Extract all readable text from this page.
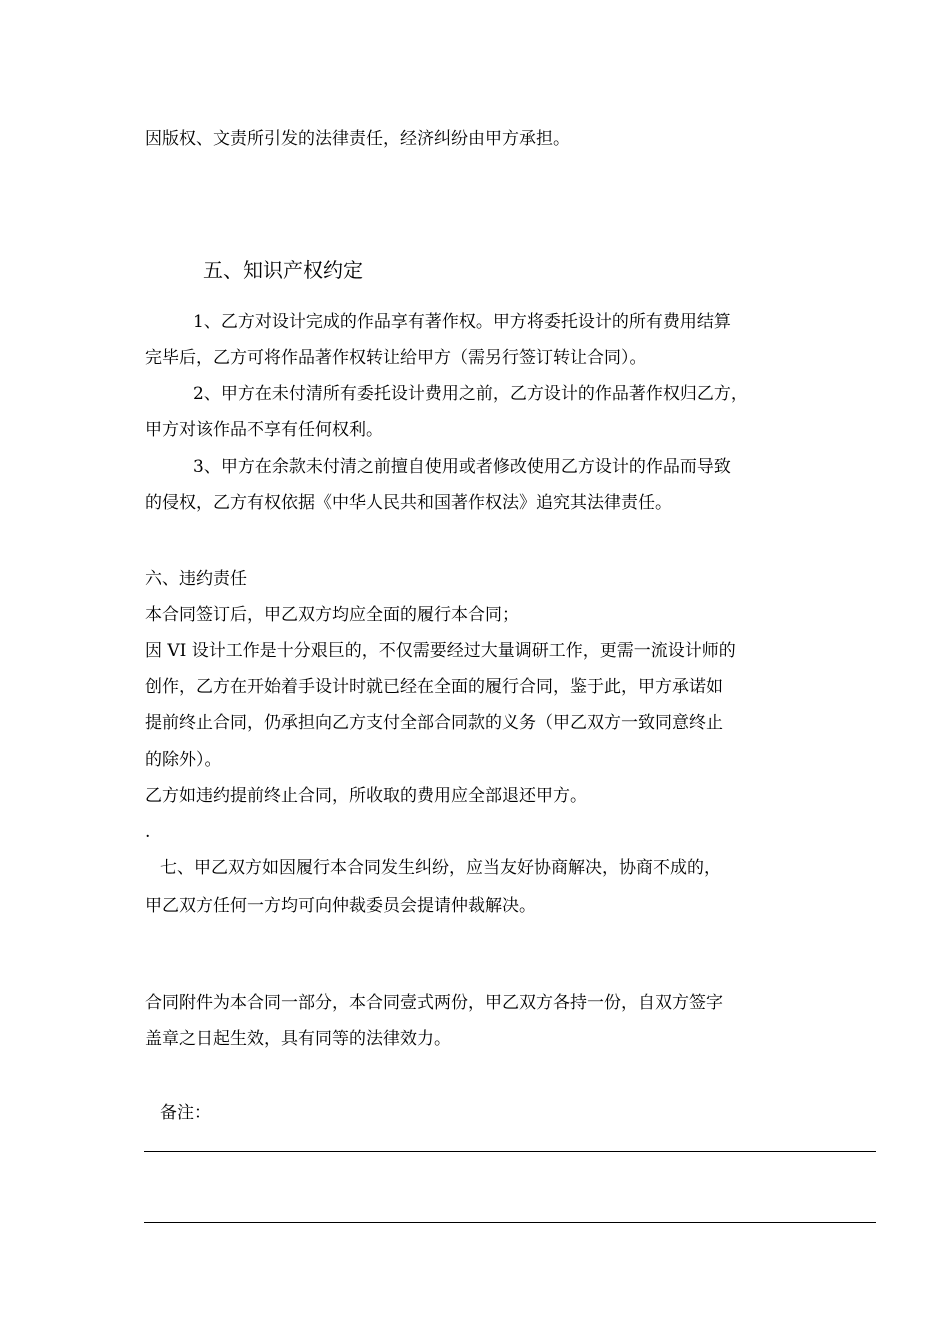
因版权、文责所引发的法律责任，经济纠纷由甲方承担。
五、知识产权约定
1、乙方对设计完成的作品享有著作权。甲方将委托设计的所有费用结算
完毕后，乙方可将作品著作权转让给甲方（需另行签订转让合同）。
2、甲方在未付清所有委托设计费用之前，乙方设计的作品著作权归乙方，
甲方对该作品不享有任何权利。
3、甲方在余款未付清之前擅自使用或者修改使用乙方设计的作品而导致
的侵权，乙方有权依据《中华人民共和国著作权法》追究其法律责任。
六、违约责任
本合同签订后，甲乙双方均应全面的履行本合同；
因 VI 设计工作是十分艰巨的，不仅需要经过大量调研工作，更需一流设计师的
创作，乙方在开始着手设计时就已经在全面的履行合同，鉴于此，甲方承诺如
提前终止合同，仍承担向乙方支付全部合同款的义务（甲乙双方一致同意终止
的除外）。
乙方如违约提前终止合同，所收取的费用应全部退还甲方。
.
七、甲乙双方如因履行本合同发生纠纷，应当友好协商解决，协商不成的，
甲乙双方任何一方均可向仲裁委员会提请仲裁解决。
合同附件为本合同一部分，本合同壹式两份，甲乙双方各持一份，自双方签字
盖章之日起生效，具有同等的法律效力。
备注：
